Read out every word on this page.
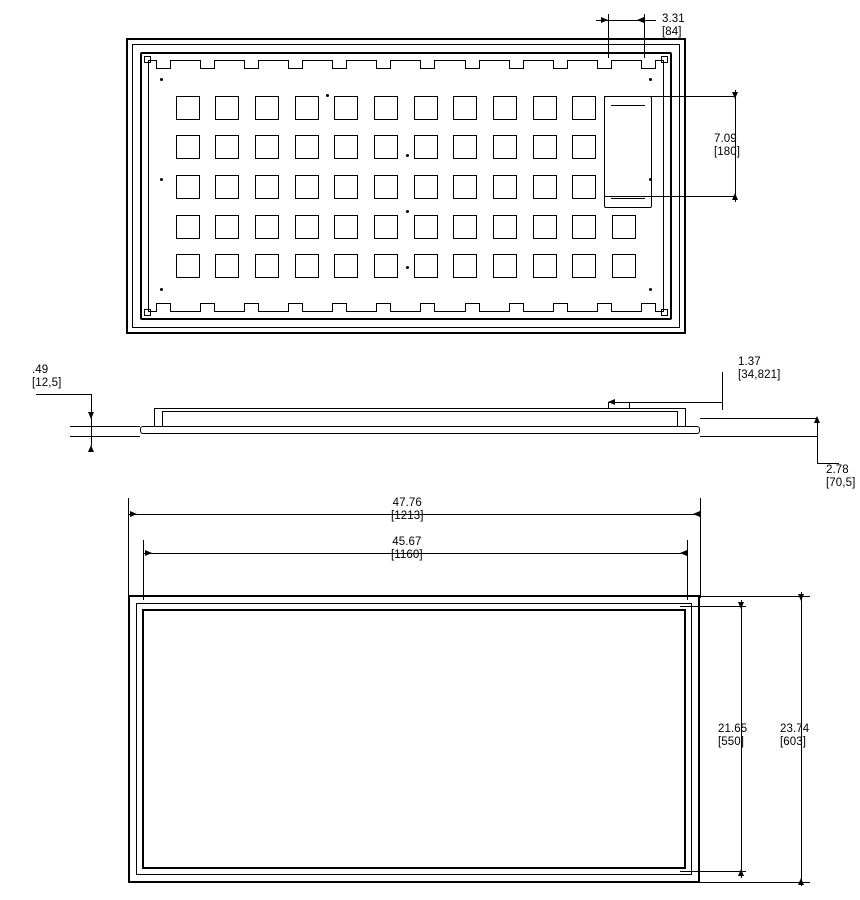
3.31
[84]
7.09
[180]
.49
[12,5]
1.37
[34,821]
2.78
[70,5]
47.76
[1213]
45.67
[1160]
21.65
[550]
23.74
[603]
